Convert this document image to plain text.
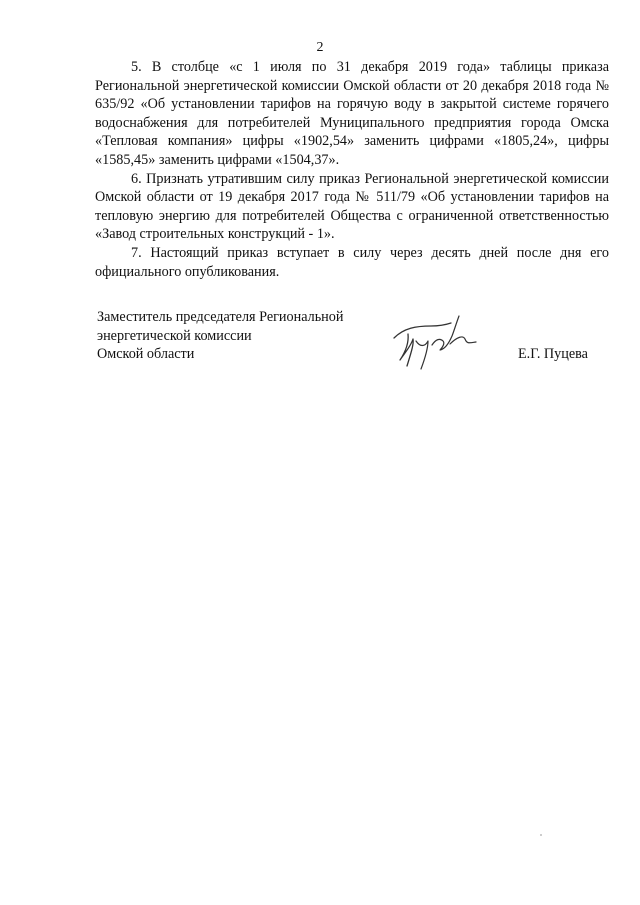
2

5. В столбце «с 1 июля по 31 декабря 2019 года» таблицы приказа Региональной энергетической комиссии Омской области от 20 декабря 2018 года № 635/92 «Об установлении тарифов на горячую воду в закрытой системе горячего водоснабжения для потребителей Муниципального предприятия города Омска «Тепловая компания» цифры «1902,54» заменить цифрами «1805,24», цифры «1585,45» заменить цифрами «1504,37».

6. Признать утратившим силу приказ Региональной энергетической комиссии Омской области от 19 декабря 2017 года № 511/79 «Об установлении тарифов на тепловую энергию для потребителей Общества с ограниченной ответственностью «Завод строительных конструкций - 1».

7. Настоящий приказ вступает в силу через десять дней после дня его официального опубликования.

Заместитель председателя Региональной
энергетической комиссии
Омской области	Е.Г. Пуцева
